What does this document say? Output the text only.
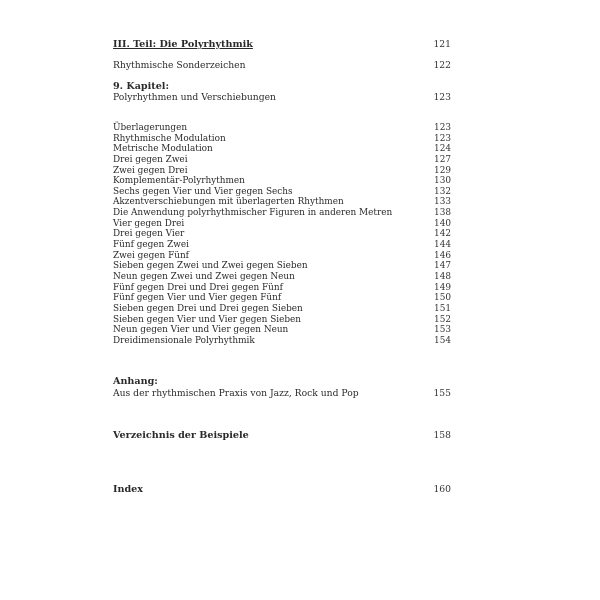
III. Teil: Die Polyrhythmik	121
Rhythmische Sonderzeichen	122
9. Kapitel:
Polyrhythmen und Verschiebungen	123
Überlagerungen	123
Rhythmische Modulation	123
Metrische Modulation	124
Drei gegen Zwei	127
Zwei gegen Drei	129
Komplementär-Polyrhythmen	130
Sechs gegen Vier und Vier gegen Sechs	132
Akzentverschiebungen mit überlagerten Rhythmen	133
Die Anwendung polyrhythmischer Figuren in anderen Metren	138
Vier gegen Drei	140
Drei gegen Vier	142
Fünf gegen Zwei	144
Zwei gegen Fünf	146
Sieben gegen Zwei und Zwei gegen Sieben	147
Neun gegen Zwei und Zwei gegen Neun	148
Fünf gegen Drei und Drei gegen Fünf	149
Fünf gegen Vier und Vier gegen Fünf	150
Sieben gegen Drei und Drei gegen Sieben	151
Sieben gegen Vier und Vier gegen Sieben	152
Neun gegen Vier und Vier gegen Neun	153
Dreidimensionale Polyrhythmik	154
Anhang:
Aus der rhythmischen Praxis von Jazz, Rock und Pop	155
Verzeichnis der Beispiele	158
Index	160
